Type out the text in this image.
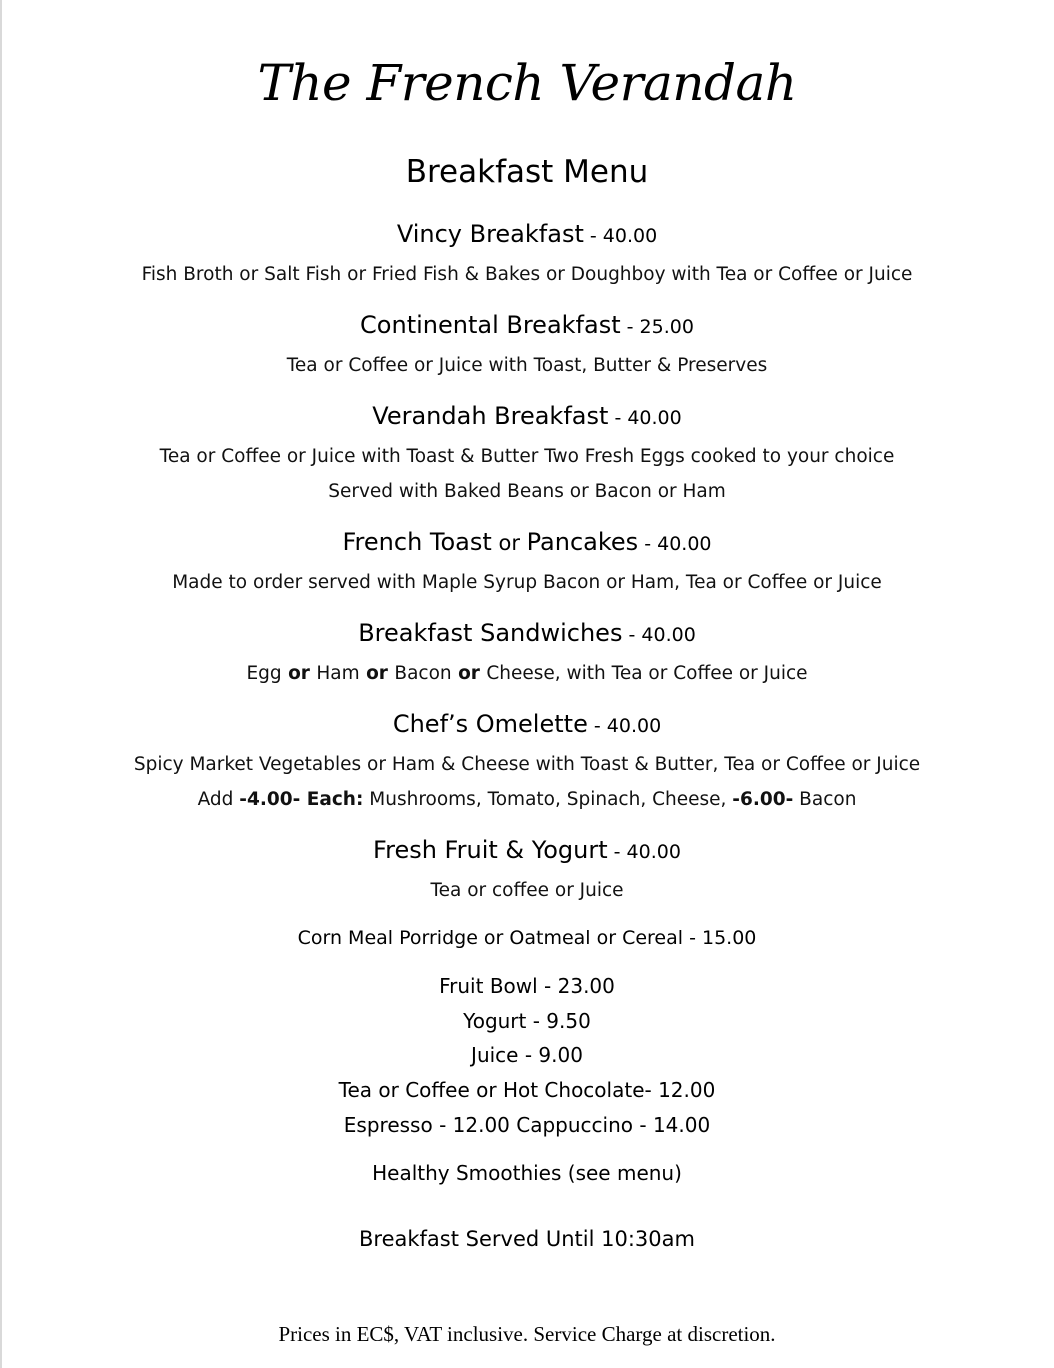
The French Verandah
Breakfast Menu
Vincy Breakfast - 40.00
Fish Broth or Salt Fish or Fried Fish & Bakes or Doughboy with Tea or Coffee or Juice
Continental Breakfast - 25.00
Tea or Coffee or Juice with Toast, Butter & Preserves
Verandah Breakfast - 40.00
Tea or Coffee or Juice with Toast & Butter Two Fresh Eggs cooked to your choice
Served with Baked Beans or Bacon or Ham
French Toast or Pancakes - 40.00
Made to order served with Maple Syrup Bacon or Ham, Tea or Coffee or Juice
Breakfast Sandwiches - 40.00
Egg or Ham or Bacon or Cheese, with Tea or Coffee or Juice
Chef’s Omelette - 40.00
Spicy Market Vegetables or Ham & Cheese with Toast & Butter, Tea or Coffee or Juice
Add -4.00- Each: Mushrooms, Tomato, Spinach, Cheese, -6.00- Bacon
Fresh Fruit & Yogurt - 40.00
Tea or coffee or Juice
Corn Meal Porridge or Oatmeal or Cereal - 15.00
Fruit Bowl - 23.00
Yogurt - 9.50
Juice - 9.00
Tea or Coffee or Hot Chocolate- 12.00
Espresso - 12.00 Cappuccino - 14.00
Healthy Smoothies (see menu)
Breakfast Served Until 10:30am
Prices in EC$, VAT inclusive. Service Charge at discretion.
